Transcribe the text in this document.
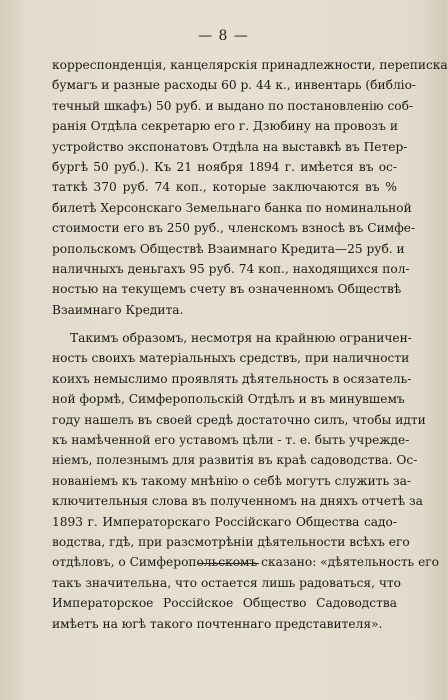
— 8 —
корреспонденція, канцелярскія принадлежности, переписка
бумагъ и разные расходы 60 р. 44 к., инвентарь (библіо-
течный шкафъ) 50 руб. и выдано по постановленію соб-
ранія Отдѣла секретарю его г. Дзюбину на провозъ и
устройство экспонатовъ Отдѣла на выставкѣ въ Петер-
бургѣ 50 руб.). Къ 21 ноября 1894 г. имѣется въ ос-
таткѣ 370 руб. 74 коп., которые заключаются въ %
билетѣ Херсонскаго Земельнаго банка по номинальной
стоимости его въ 250 руб., членскомъ взносѣ въ Симфе-
ропольскомъ Обществѣ Взаимнаго Кредита—25 руб. и
наличныхъ деньгахъ 95 руб. 74 коп., находящихся пол-
ностью на текущемъ счету въ означенномъ Обществѣ
Взаимнаго Кредита.
Такимъ образомъ, несмотря на крайнюю ограничен-
ность своихъ матеріальныхъ средствъ, при наличности
коихъ немыслимо проявлять дѣятельность в осязатель-
ной формѣ, Симферопольскій Отдѣлъ и въ минувшемъ
году нашелъ въ своей средѣ достаточно силъ, чтобы идти
къ намѣченной его уставомъ цѣли - т. е. быть учрежде-
ніемъ, полезнымъ для развитія въ краѣ садоводства. Ос-
нованіемъ къ такому мнѣнію о себѣ могутъ служить за-
ключительныя слова въ полученномъ на дняхъ отчетѣ за
1893 г. Императорскаго Россійскаго Общества садо-
водства, гдѣ, при разсмотрѣніи дѣятельности всѣхъ его
отдѣловъ, о Симферопольскомъ сказано: «дѣятельность его
такъ значительна, что остается лишь радоваться, что
Императорское Россійское Общество Садоводства
имѣетъ на югѣ такого почтеннаго представителя».
